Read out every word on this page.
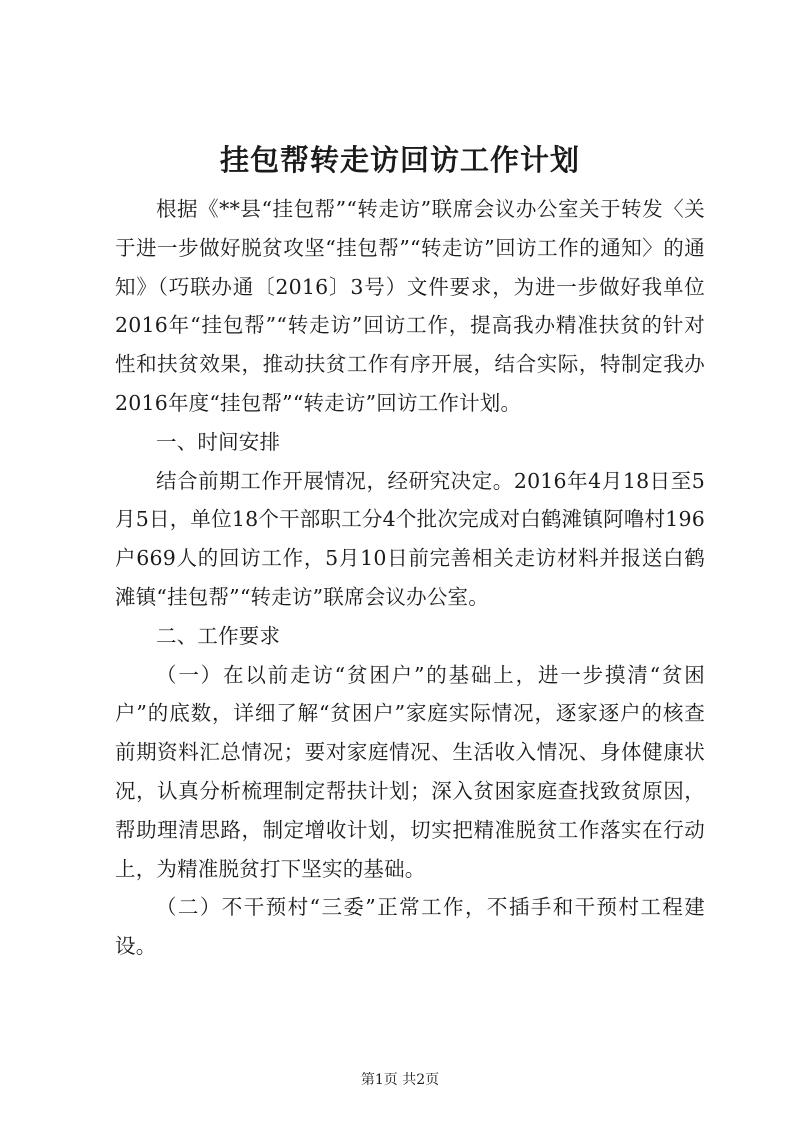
挂包帮转走访回访工作计划

根据《**县“挂包帮”“转走访”联席会议办公室关于转发〈关于进一步做好脱贫攻坚“挂包帮”“转走访”回访工作的通知〉的通知》（巧联办通〔2016〕3号）文件要求，为进一步做好我单位2016年“挂包帮”“转走访”回访工作，提高我办精准扶贫的针对性和扶贫效果，推动扶贫工作有序开展，结合实际，特制定我办2016年度“挂包帮”“转走访”回访工作计划。

一、时间安排

结合前期工作开展情况，经研究决定。2016年4月18日至5月5日，单位18个干部职工分4个批次完成对白鹤滩镇阿噜村196户669人的回访工作，5月10日前完善相关走访材料并报送白鹤滩镇“挂包帮”“转走访”联席会议办公室。

二、工作要求

（一）在以前走访“贫困户”的基础上，进一步摸清“贫困户”的底数，详细了解“贫困户”家庭实际情况，逐家逐户的核查前期资料汇总情况；要对家庭情况、生活收入情况、身体健康状况，认真分析梳理制定帮扶计划；深入贫困家庭查找致贫原因，帮助理清思路，制定增收计划，切实把精准脱贫工作落实在行动上，为精准脱贫打下坚实的基础。

（二）不干预村“三委”正常工作，不插手和干预村工程建设。

第1页 共2页
